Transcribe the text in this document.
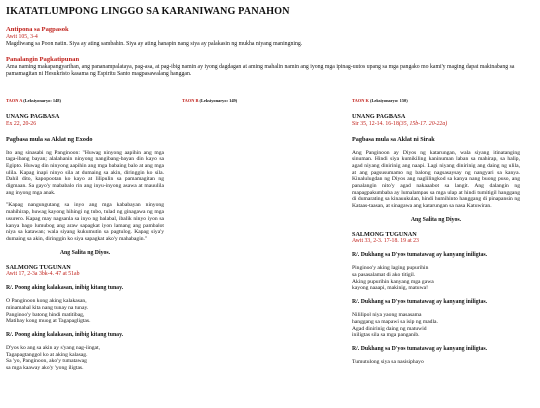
IKATATLUMPONG LINGGO SA KARANIWANG PANAHON
Antipona sa Pagpasok
Awit 105, 3-4
Magdiwang sa Poon natin. Siya ay ating sambahin. Siya ay ating hanapin nang siya ay palakasin ng mukha niyang maningning.
Panalangin Pagkatipunan
Ama naming makapangyarihan, ang pananampalataya, pag-asa, at pag-ibig namin ay iyong dagdagan at aming mahalin namin ang iyong mga ipinag-uutos upang sa mga pangako mo kami'y maging dapat makinabang sa pamamagitan ni Hesukristo kasama ng Espiritu Santo magpasawalang hanggan.
TAON A (Leksiyonaryo: 148)
UNANG PAGBASA
Ex 22, 20-26
Pagbasa mula sa Aklat ng Exodo
Ito ang sinasabi ng Panginoon: "Huwag ninyong aapihin ang mga taga-ibang bayan; alalahanin ninyong nangibang-bayan din kayo sa Egipto. Huwag din ninyong aapihin ang mga babaing balo at ang mga ulila. Kapag inapi ninyo sila at dumaing sa akin, diringgin ko sila. Dahil dito, kapopootan ko kayo at lilipulin sa pamamagitan ng digmaan. Sa gayo'y mababalo rin ang inyu-inyong asawa at mauulila ang inyong mga anak.
"Kapag nangungutang sa inyo ang mga kababayan ninyong mahihirap, huwag kayong hihingi ng tubo, tulad ng ginagawa ng mga usurero. Kapag may nagsanla sa inyo ng balabal, ibalik ninyo iyon sa kanya bago lumubog ang araw sapagkat iyon lamang ang pambalot niya sa katawan; wala siyang kukumutin sa pagtulog. Kapag siya'y dumaing sa akin, diringgin ko siya sapagkat ako'y mahabagin."
Ang Salita ng Diyos.
SALMONG TUGUNAN
Awit 17, 2-3a 3bk-4. 47 at 51ab
R/. Poong aking kalakasan, inibig kitang tunay.
O Panginoon kong aking kalakasan,
minamahal kita nang tunay na tunay.
Panginoo'y batong hindi matitibag,
Matibay kong muog at Tagapagligtas.
R/. Poong aking kalakasan, inibig kitang tunay.
D'yos ko ang sa akin ay s'yang nag-iingat,
Tagapagtanggol ko at aking kalasag.
Sa 'yo, Panginoon, ako'y tumatawag
sa mga kaaway ako'y 'yong iligtas.
TAON B (Leksiyonaryo: 149)	TAON K (Leksiyonaryo: 150)
UNANG PAGBASA
Sir 35, 12-14. 16-18(35, 15b-17. 20-22a)
Pagbasa mula sa Aklat ni Sirak
Ang Panginoon ay Diyos ng katarungan, wala siyang itinatanging sinuman. Hindi siya kumikiling kaninuman laban sa mahirap, sa halip, agad niyang dinirinig ang naapi. Lagi niyang dinirinig ang daing ng ulila, at ang pagsusumamo ng balong nagsasaysay ng nangyari sa kanya. Kinalulugdan ng Diyos ang naglilingkod sa kanya nang buong puso, ang panalangin nito'y agad nakaaabot sa langit. Ang dalangin ng mapagpakumbaba ay lumalampas sa mga ulap at hindi tumitigil hanggang di dumarating sa kinauukulan, hindi humihinto hanggang di pinapansin ng Kataas-taasan, at sinagawa ang katarungan sa nasa Katuwiran.
Ang Salita ng Diyos.
SALMONG TUGUNAN
Awit 33, 2-3. 17-18. 19 at 23
R/. Dukhang sa D'yos tumatawag ay kanyang iniligtas.
Pinginoo'y aking laging pupurihin
sa pasasalamat di ako titigil.
Aking pupurihin kanyang mga gawa
kayong naaapi, makinig, matuwa!
R/. Dukhang sa D'yos tumatawag ay kanyang iniligtas.
Nililipol niya yaong masasama
hanggang sa mapawi sa isip ng madla.
Agad dinirinig daing ng matuwid
iniligtas sila sa mga panganib.
R/. Dukhang sa D'yos tumatawag ay kanyang iniligtas.
Tumutulong siya sa nasisiphayo
